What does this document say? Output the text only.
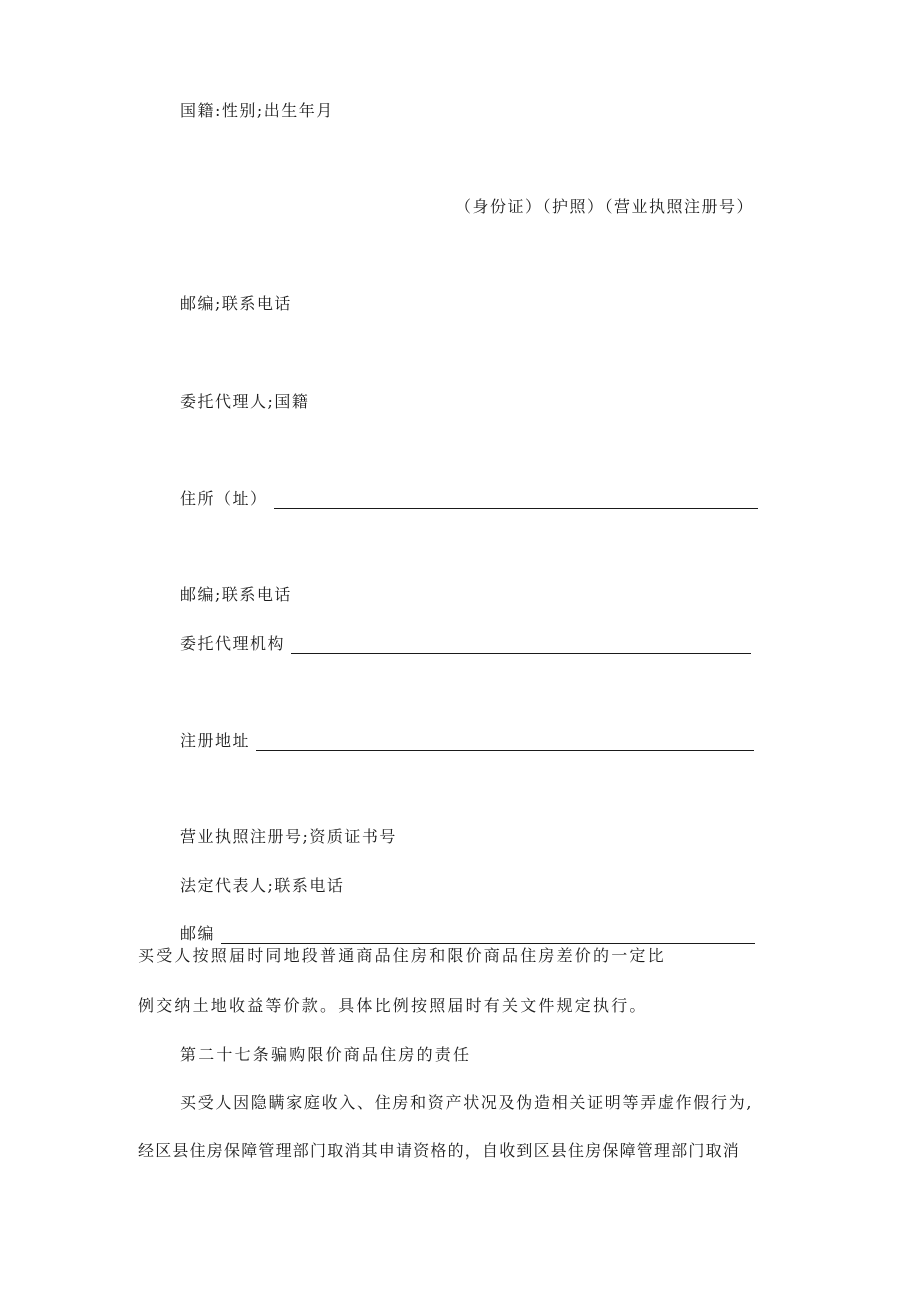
国籍:性别;出生年月
（身份证）（护照）（营业执照注册号）
邮编;联系电话
委托代理人;国籍
住所（址）
邮编;联系电话
委托代理机构
注册地址
营业执照注册号;资质证书号
法定代表人;联系电话
邮编
买受人按照届时同地段普通商品住房和限价商品住房差价的一定比
例交纳土地收益等价款。具体比例按照届时有关文件规定执行。
第二十七条骗购限价商品住房的责任
买受人因隐瞒家庭收入、住房和资产状况及伪造相关证明等弄虚作假行为,
经区县住房保障管理部门取消其申请资格的，自收到区县住房保障管理部门取消
